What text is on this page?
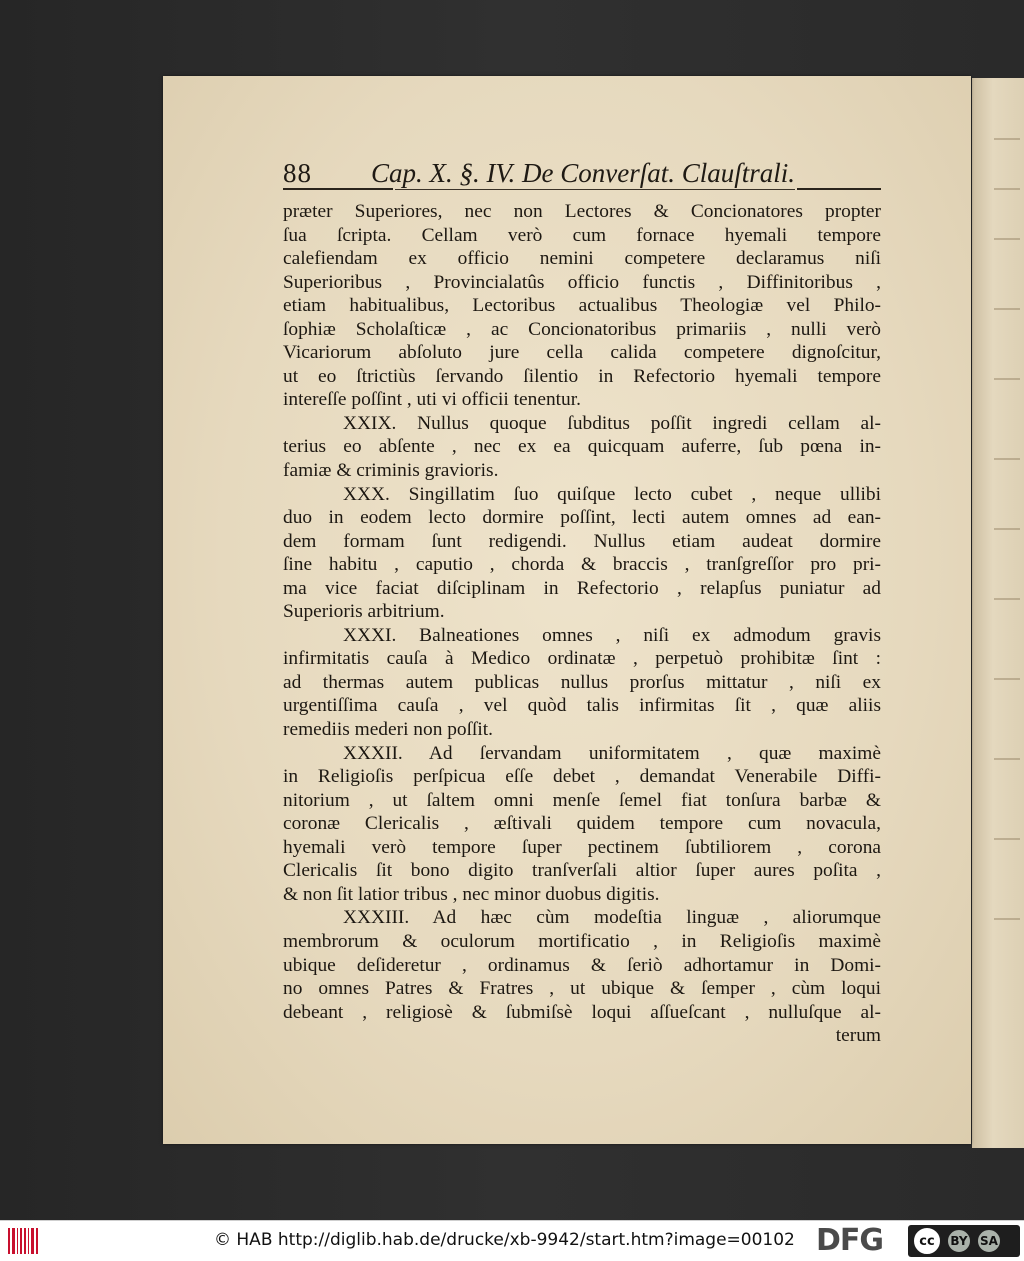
88 Cap. X. §. IV. De Converſat. Clauſtrali.
præter Superiores, nec non Lectores & Concionatores propter
ſua ſcripta. Cellam verò cum fornace hyemali tempore
calefiendam ex officio nemini competere declaramus niſi
Superioribus , Provincialatûs officio functis , Diffinitoribus ,
etiam habitualibus, Lectoribus actualibus Theologiæ vel Philo-
ſophiæ Scholaſticæ , ac Concionatoribus primariis , nulli verò
Vicariorum abſoluto jure cella calida competere dignoſcitur,
ut eo ſtrictiùs ſervando ſilentio in Refectorio hyemali tempore
intereſſe poſſint , uti vi officii tenentur.
XXIX. Nullus quoque ſubditus poſſit ingredi cellam al-
terius eo abſente , nec ex ea quicquam auferre, ſub pœna in-
famiæ & criminis gravioris.
XXX. Singillatim ſuo quiſque lecto cubet , neque ullibi
duo in eodem lecto dormire poſſint, lecti autem omnes ad ean-
dem formam ſunt redigendi. Nullus etiam audeat dormire
ſine habitu , caputio , chorda & braccis , tranſgreſſor pro pri-
ma vice faciat diſciplinam in Refectorio , relapſus puniatur ad
Superioris arbitrium.
XXXI. Balneationes omnes , niſi ex admodum gravis
infirmitatis cauſa à Medico ordinatæ , perpetuò prohibitæ ſint :
ad thermas autem publicas nullus prorſus mittatur , niſi ex
urgentiſſima cauſa , vel quòd talis infirmitas ſit , quæ aliis
remediis mederi non poſſit.
XXXII. Ad ſervandam uniformitatem , quæ maximè
in Religioſis perſpicua eſſe debet , demandat Venerabile Diffi-
nitorium , ut ſaltem omni menſe ſemel fiat tonſura barbæ &
coronæ Clericalis , æſtivali quidem tempore cum novacula,
hyemali verò tempore ſuper pectinem ſubtiliorem , corona
Clericalis ſit bono digito tranſverſali altior ſuper aures poſita ,
& non ſit latior tribus , nec minor duobus digitis.
XXXIII. Ad hæc cùm modeſtia linguæ , aliorumque
membrorum & oculorum mortificatio , in Religioſis maximè
ubique deſideretur , ordinamus & ſeriò adhortamur in Domi-
no omnes Patres & Fratres , ut ubique & ſemper , cùm loqui
debeant , religiosè & ſubmiſsè loqui aſſueſcant , nulluſque al-
terum
© HAB http://diglib.hab.de/drucke/xb-9942/start.htm?image=00102 DFG	cc	BY	SA
